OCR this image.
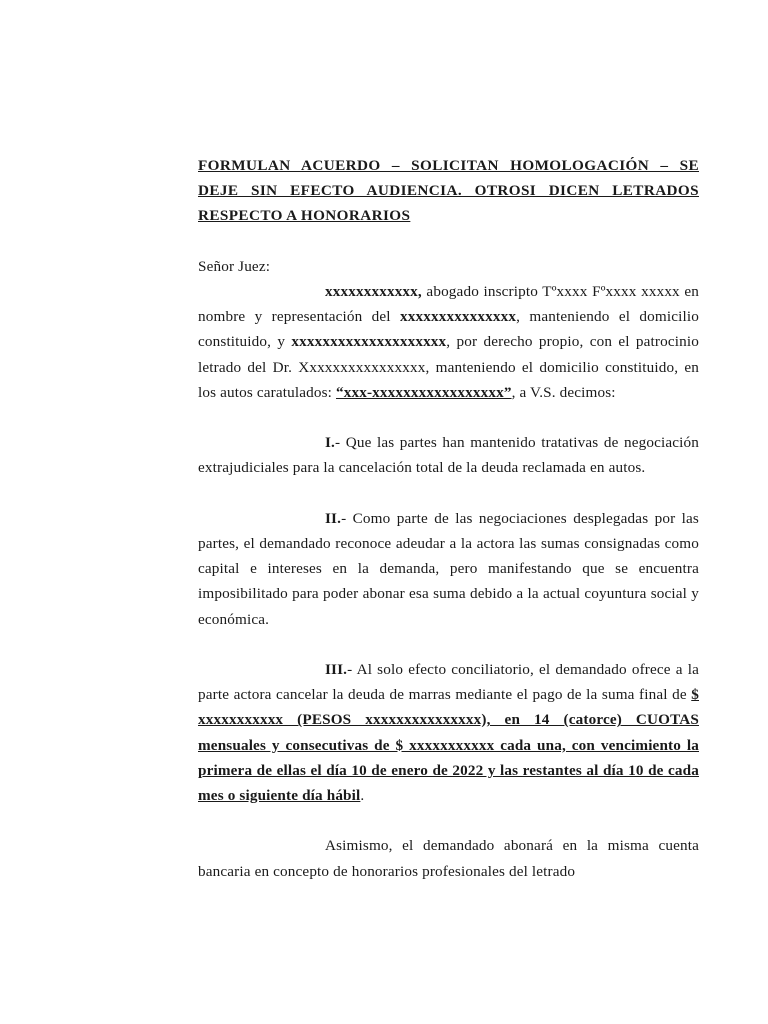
FORMULAN ACUERDO – SOLICITAN HOMOLOGACIÓN – SE DEJE SIN EFECTO AUDIENCIA. OTROSI DICEN LETRADOS RESPECTO A HONORARIOS

Señor Juez:

xxxxxxxxxxxx, abogado inscripto Tºxxxx Fºxxxx xxxxx en nombre y representación del xxxxxxxxxxxxxxx, manteniendo el domicilio constituido, y xxxxxxxxxxxxxxxxxxxx, por derecho propio, con el patrocinio letrado del Dr. Xxxxxxxxxxxxxxxx, manteniendo el domicilio constituido, en los autos caratulados: “xxx-xxxxxxxxxxxxxxxxx”, a V.S. decimos:

I.- Que las partes han mantenido tratativas de negociación extrajudiciales para la cancelación total de la deuda reclamada en autos.

II.- Como parte de las negociaciones desplegadas por las partes, el demandado reconoce adeudar a la actora las sumas consignadas como capital e intereses en la demanda, pero manifestando que se encuentra imposibilitado para poder abonar esa suma debido a la actual coyuntura social y económica.

III.- Al solo efecto conciliatorio, el demandado ofrece a la parte actora cancelar la deuda de marras mediante el pago de la suma final de $ xxxxxxxxxxx (PESOS xxxxxxxxxxxxxxx), en 14 (catorce) CUOTAS mensuales y consecutivas de $ xxxxxxxxxxx cada una, con vencimiento la primera de ellas el día 10 de enero de 2022 y las restantes al día 10 de cada mes o siguiente día hábil.

Asimismo, el demandado abonará en la misma cuenta bancaria en concepto de honorarios profesionales del letrado
